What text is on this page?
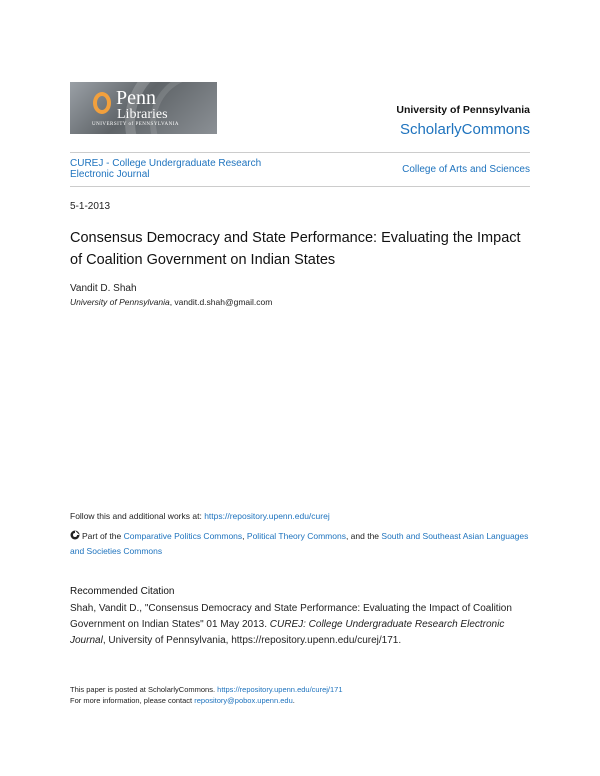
Penn
Libraries
UNIVERSITY of PENNSYLVANIA
University of Pennsylvania
ScholarlyCommons
CUREJ - College Undergraduate Research Electronic Journal	College of Arts and Sciences
5-1-2013
Consensus Democracy and State Performance: Evaluating the Impact of Coalition Government on Indian States
Vandit D. Shah
University of Pennsylvania, vandit.d.shah@gmail.com
Follow this and additional works at: https://repository.upenn.edu/curej
Part of the Comparative Politics Commons, Political Theory Commons, and the South and Southeast Asian Languages and Societies Commons
Recommended Citation
Shah, Vandit D., "Consensus Democracy and State Performance: Evaluating the Impact of Coalition Government on Indian States" 01 May 2013. CUREJ: College Undergraduate Research Electronic Journal, University of Pennsylvania, https://repository.upenn.edu/curej/171.
This paper is posted at ScholarlyCommons. https://repository.upenn.edu/curej/171
For more information, please contact repository@pobox.upenn.edu.
